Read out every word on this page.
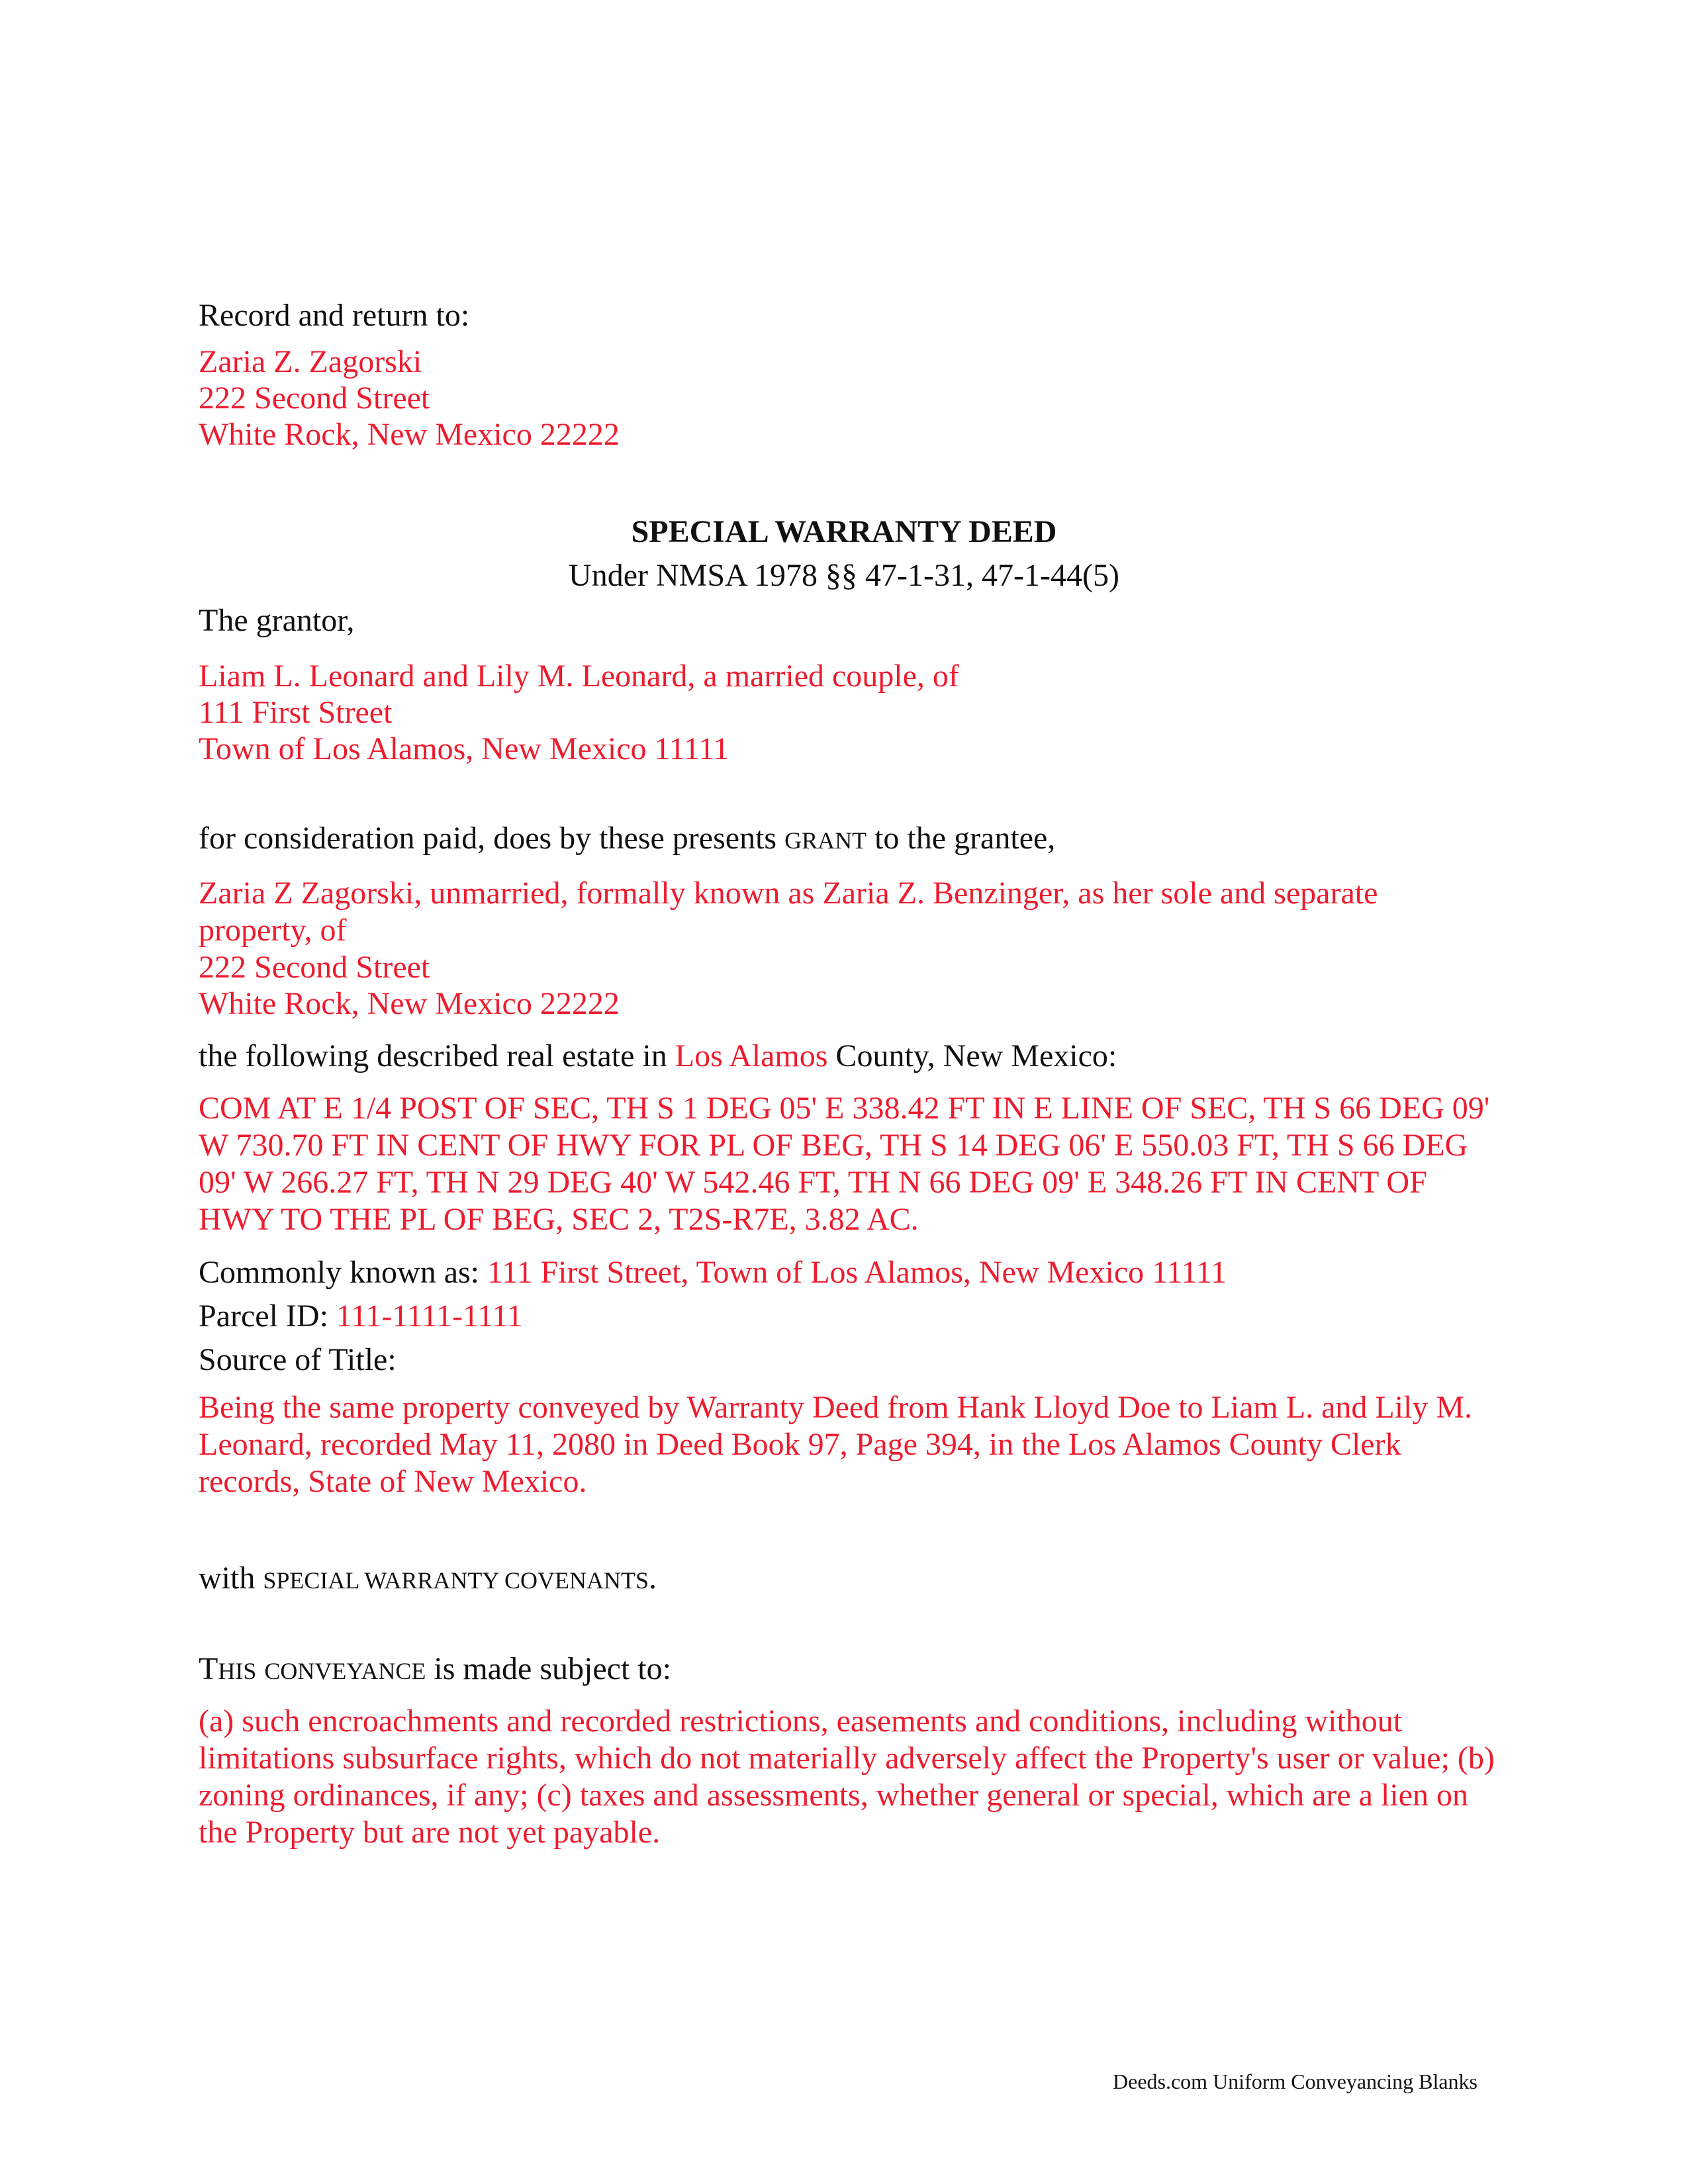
Record and return to:
Zaria Z. Zagorski
222 Second Street
White Rock, New Mexico 22222
SPECIAL WARRANTY DEED
Under NMSA 1978 §§ 47-1-31, 47-1-44(5)
The grantor,
Liam L. Leonard and Lily M. Leonard, a married couple, of
111 First Street
Town of Los Alamos, New Mexico 11111
for consideration paid, does by these presents GRANT to the grantee,
Zaria Z Zagorski, unmarried, formally known as Zaria Z. Benzinger, as her sole and separate property, of
222 Second Street
White Rock, New Mexico 22222
the following described real estate in Los Alamos County, New Mexico:
COM AT E 1/4 POST OF SEC, TH S 1 DEG 05' E 338.42 FT IN E LINE OF SEC, TH S 66 DEG 09' W 730.70 FT IN CENT OF HWY FOR PL OF BEG, TH S 14 DEG 06' E 550.03 FT, TH S 66 DEG 09' W 266.27 FT, TH N 29 DEG 40' W 542.46 FT, TH N 66 DEG 09' E 348.26 FT IN CENT OF HWY TO THE PL OF BEG, SEC 2, T2S-R7E, 3.82 AC.
Commonly known as: 111 First Street, Town of Los Alamos, New Mexico 11111
Parcel ID: 111-1111-1111
Source of Title:
Being the same property conveyed by Warranty Deed from Hank Lloyd Doe to Liam L. and Lily M. Leonard, recorded May 11, 2080 in Deed Book 97, Page 394, in the Los Alamos County Clerk records, State of New Mexico.
with SPECIAL WARRANTY COVENANTS.
THIS CONVEYANCE is made subject to:
(a) such encroachments and recorded restrictions, easements and conditions, including without limitations subsurface rights, which do not materially adversely affect the Property's user or value; (b) zoning ordinances, if any; (c) taxes and assessments, whether general or special, which are a lien on the Property but are not yet payable.
Deeds.com Uniform Conveyancing Blanks
